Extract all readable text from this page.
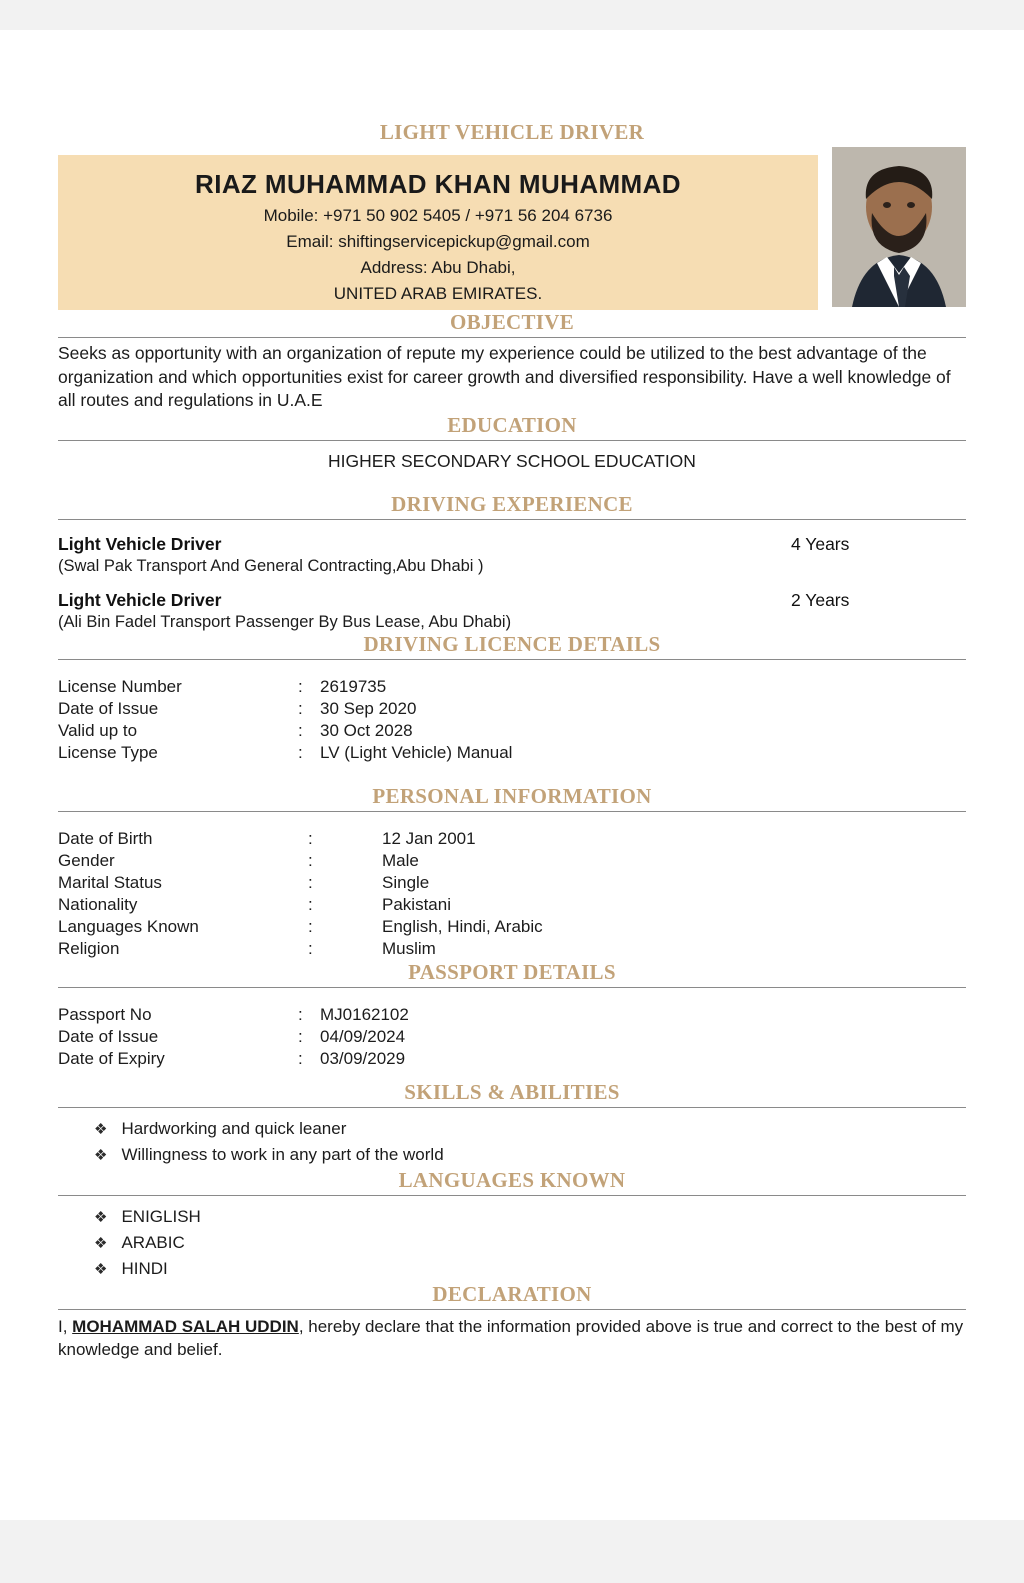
LIGHT VEHICLE DRIVER
RIAZ MUHAMMAD KHAN MUHAMMAD
Mobile: +971 50 902 5405 / +971 56 204 6736
Email: shiftingservicepickup@gmail.com
Address: Abu Dhabi,
UNITED ARAB EMIRATES.
OBJECTIVE

Seeks as opportunity with an organization of repute my experience could be utilized to the best advantage of the organization and which opportunities exist for career growth and diversified responsibility. Have a well knowledge of all routes and regulations in U.A.E

EDUCATION

HIGHER SECONDARY SCHOOL EDUCATION

DRIVING EXPERIENCE
Light Vehicle Driver	4 Years
(Swal Pak Transport And General Contracting,Abu Dhabi )
Light Vehicle Driver	2 Years
(Ali Bin Fadel Transport Passenger By Bus Lease, Abu Dhabi)
DRIVING LICENCE DETAILS
License Number	:	2619735
Date of Issue	:	30 Sep 2020
Valid up to	:	30 Oct 2028
License Type	:	LV (Light Vehicle) Manual
PERSONAL INFORMATION
Date of Birth	:	12 Jan 2001
Gender	:	Male
Marital Status	:	Single
Nationality	:	Pakistani
Languages Known	:	English, Hindi, Arabic
Religion	:	Muslim
PASSPORT DETAILS
Passport No	:	MJ0162102
Date of Issue	:	04/09/2024
Date of Expiry	:	03/09/2029
SKILLS & ABILITIES
❖ Hardworking and quick leaner
❖ Willingness to work in any part of the world
LANGUAGES KNOWN
❖ ENIGLISH
❖ ARABIC
❖ HINDI
DECLARATION

I, MOHAMMAD SALAH UDDIN, hereby declare that the information provided above is true and correct to the best of my knowledge and belief.
